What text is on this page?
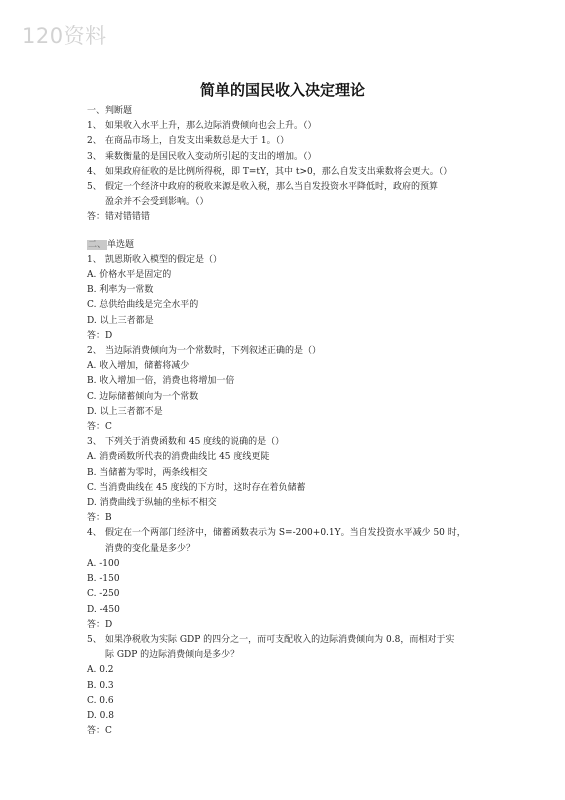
120资料
简单的国民收入决定理论
一、判断题
1、 如果收入水平上升，那么边际消费倾向也会上升。（）
2、 在商品市场上，自发支出乘数总是大于 1。（）
3、 乘数衡量的是国民收入变动所引起的支出的增加。（）
4、 如果政府征收的是比例所得税，即 T=tY，其中 t>0，那么自发支出乘数将会更大。（）
5、 假定一个经济中政府的税收来源是收入税，那么当自发投资水平降低时，政府的预算
盈余并不会受到影响。（）
答：错对错错错
二、单选题
1、 凯恩斯收入模型的假定是（）
A. 价格水平是固定的
B. 利率为一常数
C. 总供给曲线是完全水平的
D. 以上三者都是
答：D
2、 当边际消费倾向为一个常数时，下列叙述正确的是（）
A. 收入增加，储蓄将减少
B. 收入增加一倍，消费也将增加一倍
C. 边际储蓄倾向为一个常数
D. 以上三者都不是
答：C
3、 下列关于消费函数和 45 度线的说确的是（）
A. 消费函数所代表的消费曲线比 45 度线更陡
B. 当储蓄为零时，两条线相交
C. 当消费曲线在 45 度线的下方时，这时存在着负储蓄
D. 消费曲线于纵轴的坐标不相交
答：B
4、 假定在一个两部门经济中，储蓄函数表示为 S=-200+0.1Y。当自发投资水平减少 50 时，
消费的变化量是多少？
A. -100
B. -150
C. -250
D. -450
答：D
5、 如果净税收为实际 GDP 的四分之一，而可支配收入的边际消费倾向为 0.8，而相对于实
际 GDP 的边际消费倾向是多少？
A. 0.2
B. 0.3
C. 0.6
D. 0.8
答：C
